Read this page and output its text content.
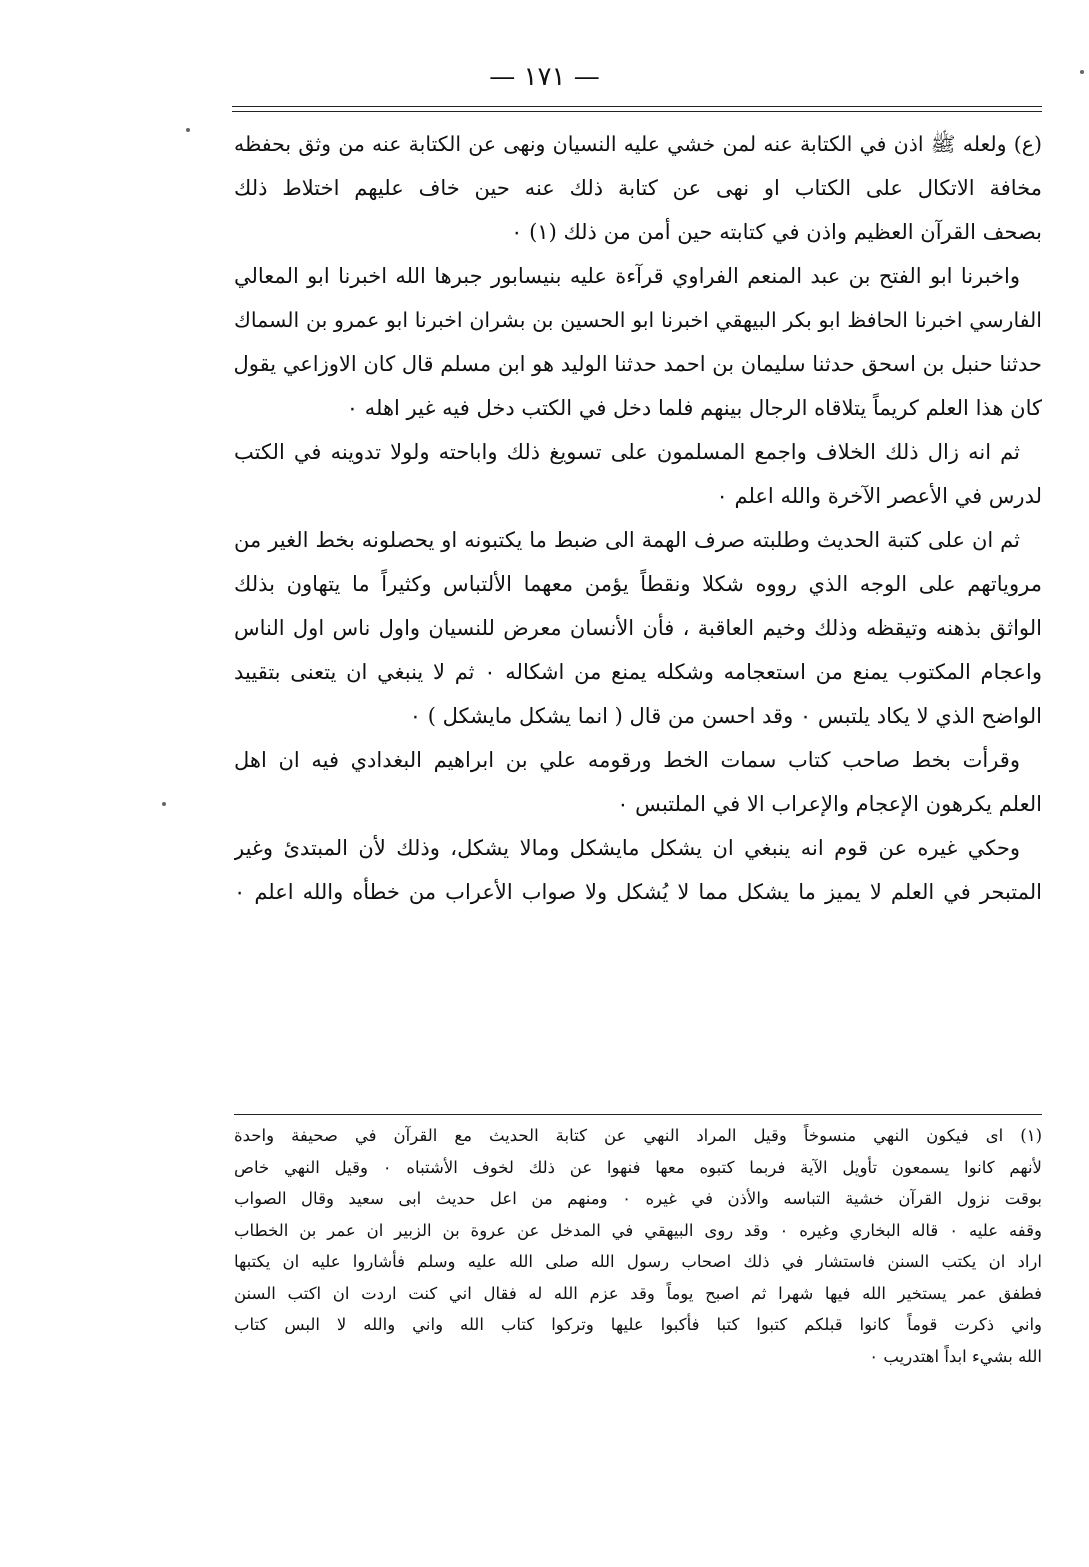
— ١٧١ —
(ع) ولعله ﷺ اذن في الكتابة عنه لمن خشي عليه النسيان ونهى عن الكتابة عنه من وثق بحفظه
مخافة الاتكال على الكتاب او نهى عن كتابة ذلك عنه حين خاف عليهم اختلاط ذلك
بصحف القرآن العظيم واذن في كتابته حين أمن من ذلك (١) ٠
واخبرنا ابو الفتح بن عبد المنعم الفراوي قرآءة عليه بنيسابور جبرها الله اخبرنا ابو المعالي
الفارسي اخبرنا الحافظ ابو بكر البيهقي اخبرنا ابو الحسين بن بشران اخبرنا ابو عمرو بن السماك
حدثنا حنبل بن اسحق حدثنا سليمان بن احمد حدثنا الوليد هو ابن مسلم قال كان الاوزاعي يقول
كان هذا العلم كريماً يتلاقاه الرجال بينهم فلما دخل في الكتب دخل فيه غير اهله ٠
ثم انه زال ذلك الخلاف واجمع المسلمون على تسويغ ذلك واباحته ولولا تدوينه في الكتب
لدرس في الأعصر الآخرة والله اعلم ٠
ثم ان على كتبة الحديث وطلبته صرف الهمة الى ضبط ما يكتبونه او يحصلونه بخط الغير من
مروياتهم على الوجه الذي رووه شكلا ونقطاً يؤمن معهما الألتباس وكثيراً ما يتهاون بذلك
الواثق بذهنه وتيقظه وذلك وخيم العاقبة ، فأن الأنسان معرض للنسيان واول ناس اول الناس
واعجام المكتوب يمنع من استعجامه وشكله يمنع من اشكاله ٠ ثم لا ينبغي ان يتعنى بتقييد
الواضح الذي لا يكاد يلتبس ٠ وقد احسن من قال ( انما يشكل مايشكل ) ٠
وقرأت بخط صاحب كتاب سمات الخط ورقومه علي بن ابراهيم البغدادي فيه ان اهل
العلم يكرهون الإعجام والإعراب الا في الملتبس ٠
وحكي غيره عن قوم انه ينبغي ان يشكل مايشكل ومالا يشكل، وذلك لأن المبتدئ وغير
المتبحر في العلم لا يميز ما يشكل مما لا يُشكل ولا صواب الأعراب من خطأه والله اعلم ٠
(١) اى فيكون النهي منسوخاً وقيل المراد النهي عن كتابة الحديث مع القرآن في صحيفة واحدة
لأنهم كانوا يسمعون تأويل الآية فربما كتبوه معها فنهوا عن ذلك لخوف الأشتباه ٠ وقيل النهي خاص
بوقت نزول القرآن خشية التباسه والأذن في غيره ٠ ومنهم من اعل حديث ابى سعيد وقال الصواب
وقفه عليه ٠ قاله البخاري وغيره ٠ وقد روى البيهقي في المدخل عن عروة بن الزبير ان عمر بن الخطاب
اراد ان يكتب السنن فاستشار في ذلك اصحاب رسول الله صلى الله عليه وسلم فأشاروا عليه ان يكتبها
فطفق عمر يستخير الله فيها شهرا ثم اصبح يوماً وقد عزم الله له فقال اني كنت اردت ان اكتب السنن
واني ذكرت قوماً كانوا قبلكم كتبوا كتبا فأكبوا عليها وتركوا كتاب الله واني والله لا البس كتاب
الله بشيء ابداً اهتدريب ٠
